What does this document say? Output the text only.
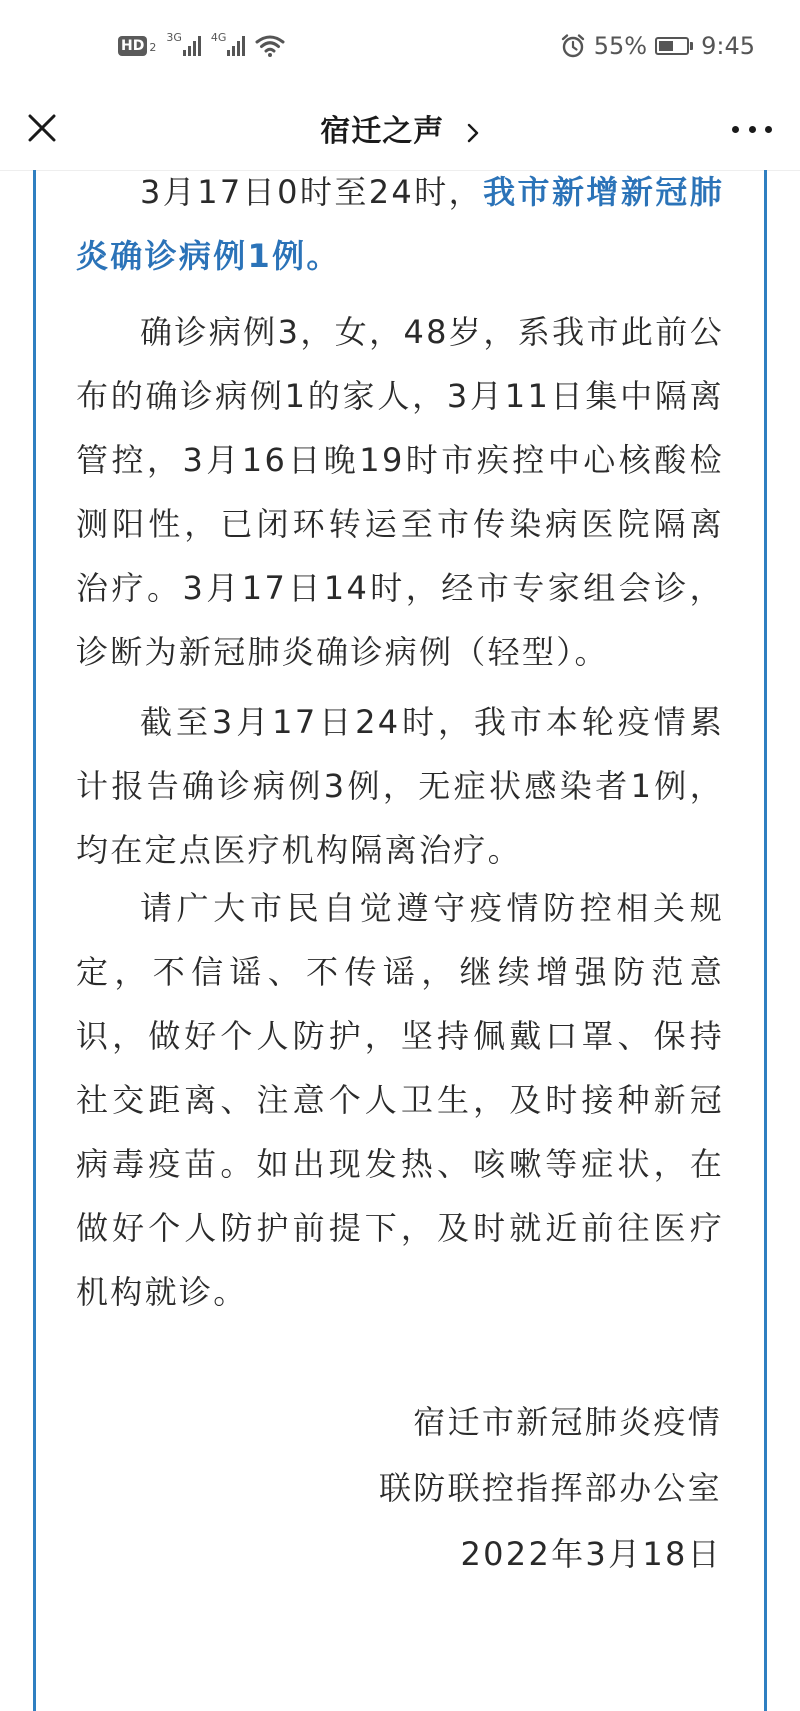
HD 2
3G	4G	55% 9:45
宿迁之声

3月17日0时至24时，我市新增新冠肺炎确诊病例1例。

确诊病例3，女，48岁，系我市此前公布的确诊病例1的家人，3月11日集中隔离管控，3月16日晚19时市疾控中心核酸检测阳性，已闭环转运至市传染病医院隔离治疗。3月17日14时，经市专家组会诊，诊断为新冠肺炎确诊病例（轻型）。

截至3月17日24时，我市本轮疫情累计报告确诊病例3例，无症状感染者1例，均在定点医疗机构隔离治疗。

请广大市民自觉遵守疫情防控相关规定，不信谣、不传谣，继续增强防范意识，做好个人防护，坚持佩戴口罩、保持社交距离、注意个人卫生，及时接种新冠病毒疫苗。如出现发热、咳嗽等症状，在做好个人防护前提下，及时就近前往医疗机构就诊。

宿迁市新冠肺炎疫情
联防联控指挥部办公室
2022年3月18日
